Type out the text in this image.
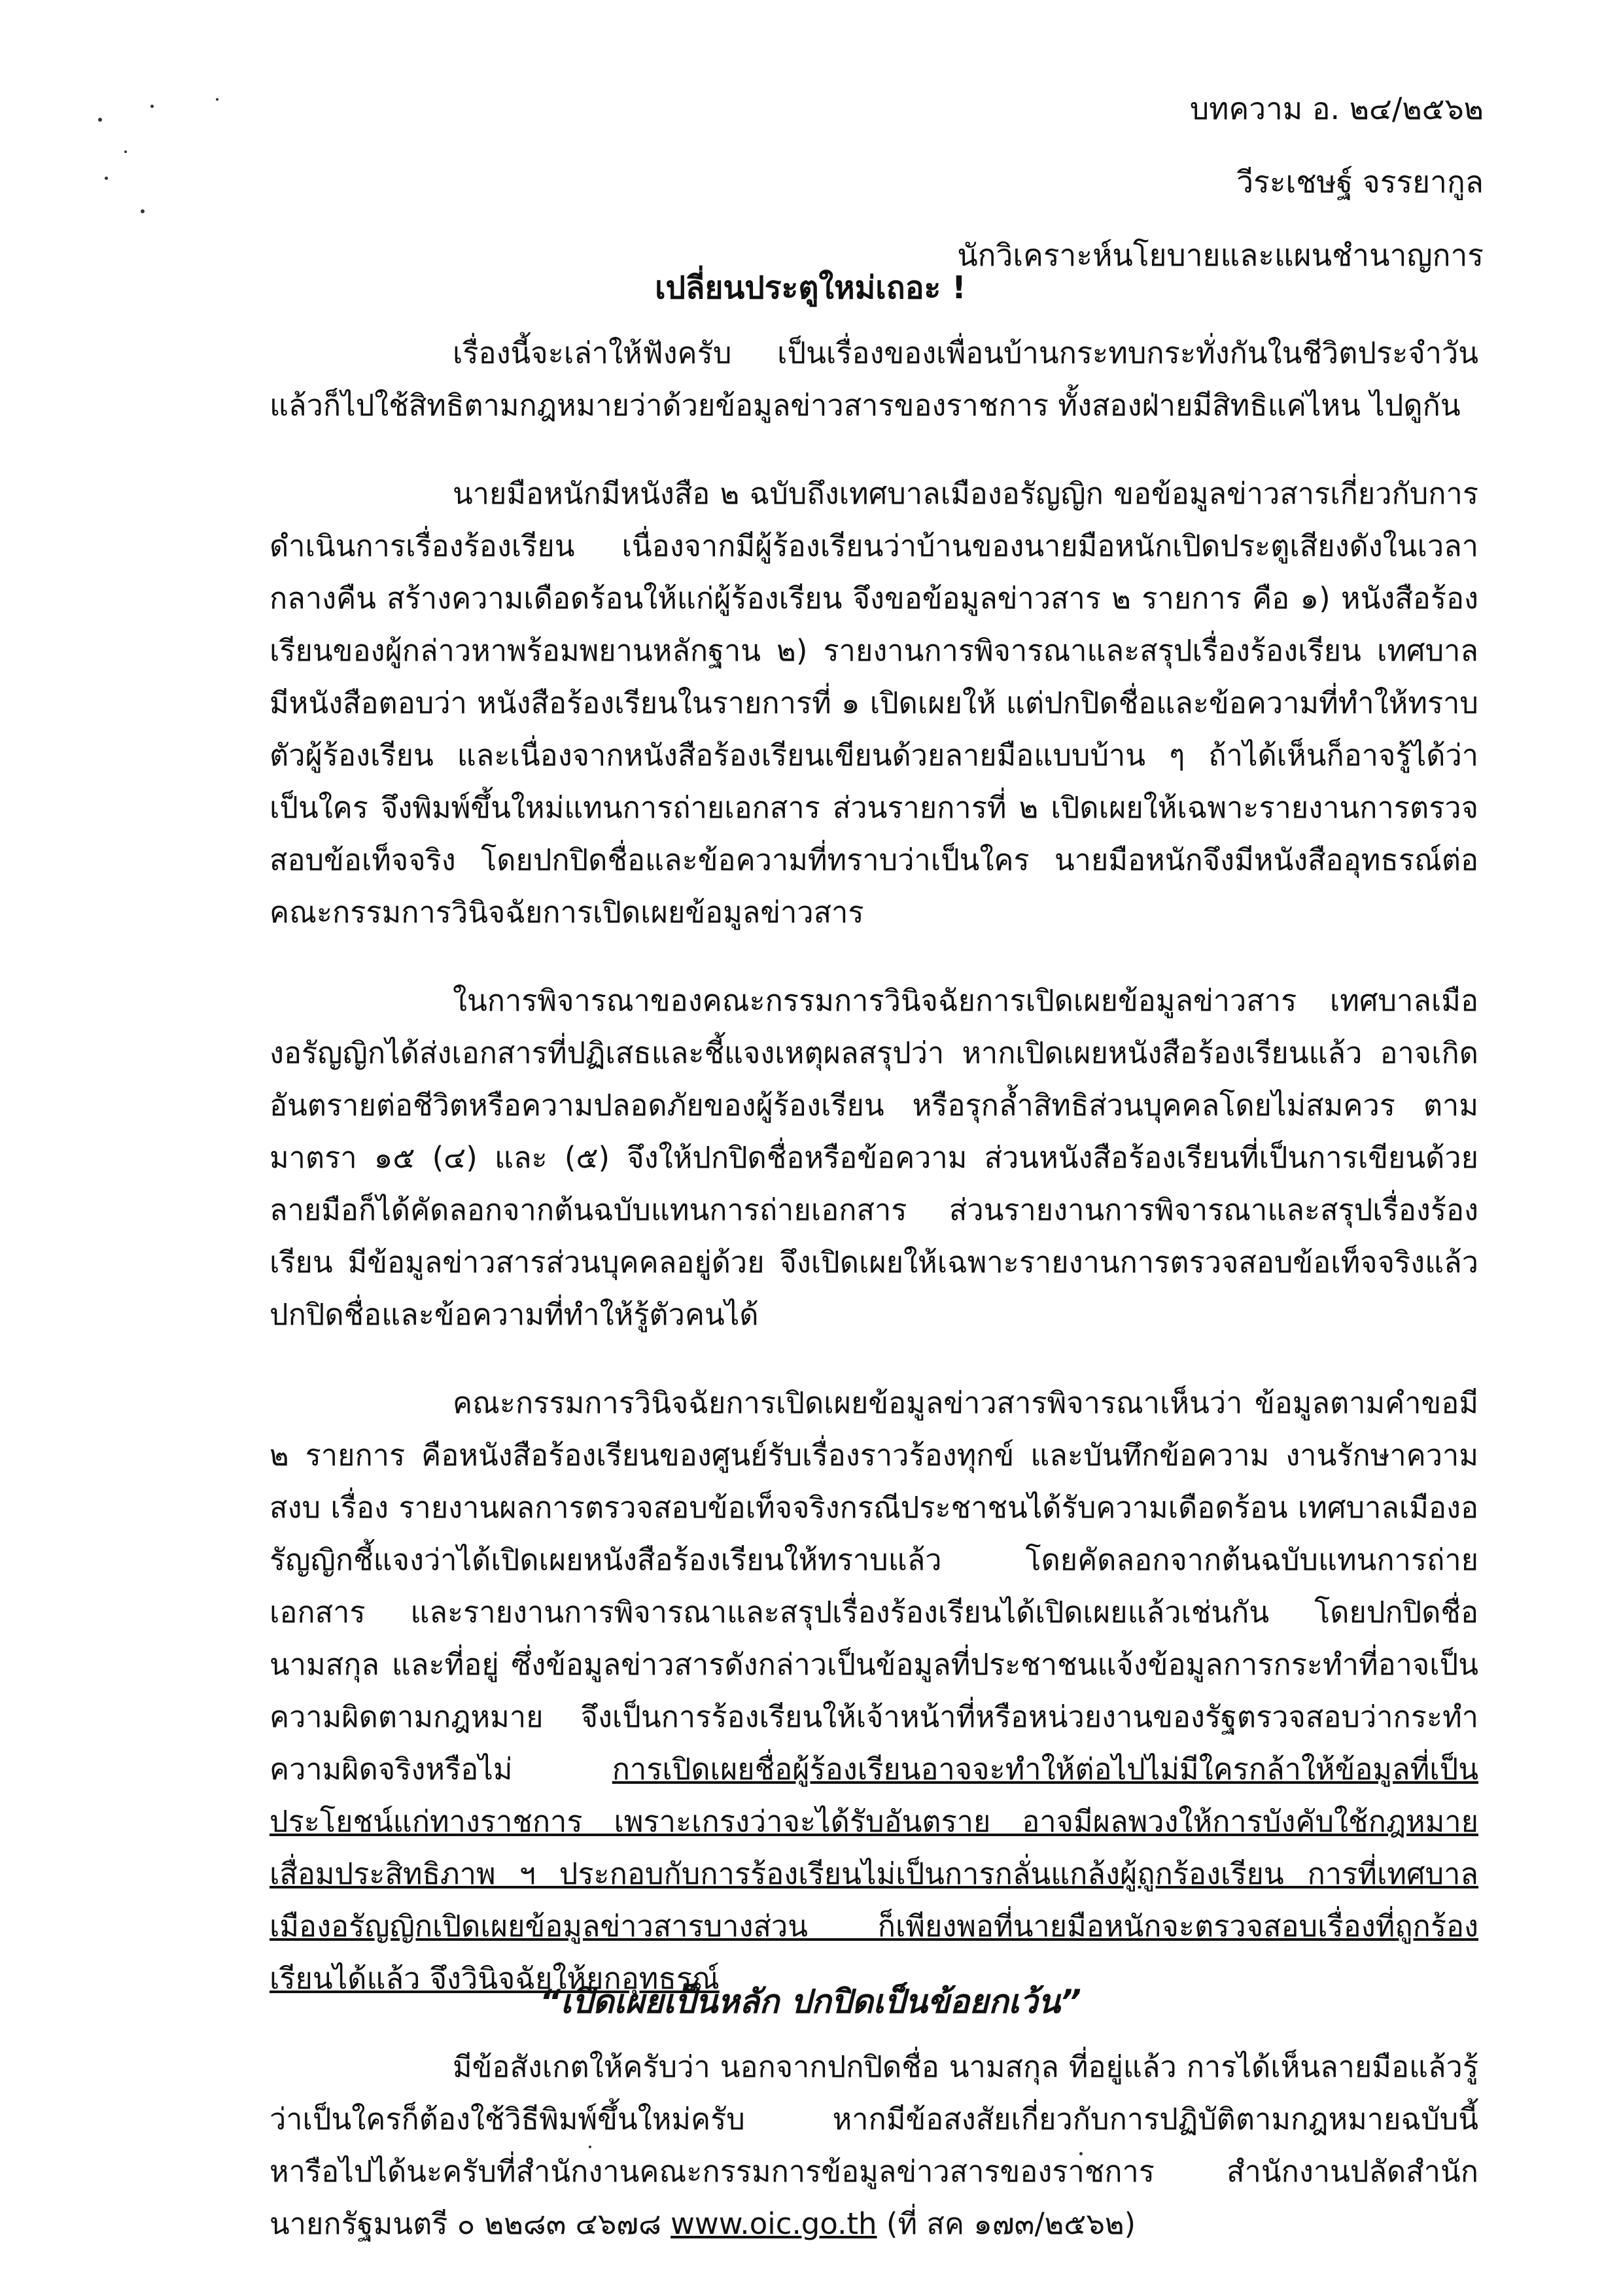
บทความ อ. ๒๔/๒๕๖๒
วีระเชษฐ์ จรรยากูล
นักวิเคราะห์นโยบายและแผนชำนาญการ
เปลี่ยนประตูใหม่เถอะ !

เรื่องนี้จะเล่าให้ฟังครับ เป็นเรื่องของเพื่อนบ้านกระทบกระทั่งกันในชีวิตประจำวัน แล้วก็ไปใช้สิทธิตามกฎหมายว่าด้วยข้อมูลข่าวสารของราชการ ทั้งสองฝ่ายมีสิทธิแค่ไหน ไปดูกัน

นายมือหนักมีหนังสือ ๒ ฉบับถึงเทศบาลเมืองอรัญญิก ขอข้อมูลข่าวสารเกี่ยวกับการดำเนินการเรื่องร้องเรียน เนื่องจากมีผู้ร้องเรียนว่าบ้านของนายมือหนักเปิดประตูเสียงดังในเวลากลางคืน สร้างความเดือดร้อนให้แก่ผู้ร้องเรียน จึงขอข้อมูลข่าวสาร ๒ รายการ คือ ๑) หนังสือร้องเรียนของผู้กล่าวหาพร้อมพยานหลักฐาน ๒) รายงานการพิจารณาและสรุปเรื่องร้องเรียน เทศบาลมีหนังสือตอบว่า หนังสือร้องเรียนในรายการที่ ๑ เปิดเผยให้ แต่ปกปิดชื่อและข้อความที่ทำให้ทราบตัวผู้ร้องเรียน และเนื่องจากหนังสือร้องเรียนเขียนด้วยลายมือแบบบ้าน ๆ ถ้าได้เห็นก็อาจรู้ได้ว่าเป็นใคร จึงพิมพ์ขึ้นใหม่แทนการถ่ายเอกสาร ส่วนรายการที่ ๒ เปิดเผยให้เฉพาะรายงานการตรวจสอบข้อเท็จจริง โดยปกปิดชื่อและข้อความที่ทราบว่าเป็นใคร นายมือหนักจึงมีหนังสืออุทธรณ์ต่อคณะกรรมการวินิจฉัยการเปิดเผยข้อมูลข่าวสาร

ในการพิจารณาของคณะกรรมการวินิจฉัยการเปิดเผยข้อมูลข่าวสาร เทศบาลเมืองอรัญญิกได้ส่งเอกสารที่ปฏิเสธและชี้แจงเหตุผลสรุปว่า หากเปิดเผยหนังสือร้องเรียนแล้ว อาจเกิดอันตรายต่อชีวิตหรือความปลอดภัยของผู้ร้องเรียน หรือรุกล้ำสิทธิส่วนบุคคลโดยไม่สมควร ตามมาตรา ๑๕ (๔) และ (๕) จึงให้ปกปิดชื่อหรือข้อความ ส่วนหนังสือร้องเรียนที่เป็นการเขียนด้วยลายมือก็ได้คัดลอกจากต้นฉบับแทนการถ่ายเอกสาร ส่วนรายงานการพิจารณาและสรุปเรื่องร้องเรียน มีข้อมูลข่าวสารส่วนบุคคลอยู่ด้วย จึงเปิดเผยให้เฉพาะรายงานการตรวจสอบข้อเท็จจริงแล้วปกปิดชื่อและข้อความที่ทำให้รู้ตัวคนได้

คณะกรรมการวินิจฉัยการเปิดเผยข้อมูลข่าวสารพิจารณาเห็นว่า ข้อมูลตามคำขอมี ๒ รายการ คือหนังสือร้องเรียนของศูนย์รับเรื่องราวร้องทุกข์ และบันทึกข้อความ งานรักษาความสงบ เรื่อง รายงานผลการตรวจสอบข้อเท็จจริงกรณีประชาชนได้รับความเดือดร้อน เทศบาลเมืองอรัญญิกชี้แจงว่าได้เปิดเผยหนังสือร้องเรียนให้ทราบแล้ว โดยคัดลอกจากต้นฉบับแทนการถ่ายเอกสาร และรายงานการพิจารณาและสรุปเรื่องร้องเรียนได้เปิดเผยแล้วเช่นกัน โดยปกปิดชื่อ นามสกุล และที่อยู่ ซึ่งข้อมูลข่าวสารดังกล่าวเป็นข้อมูลที่ประชาชนแจ้งข้อมูลการกระทำที่อาจเป็นความผิดตามกฎหมาย จึงเป็นการร้องเรียนให้เจ้าหน้าที่หรือหน่วยงานของรัฐตรวจสอบว่ากระทำความผิดจริงหรือไม่ การเปิดเผยชื่อผู้ร้องเรียนอาจจะทำให้ต่อไปไม่มีใครกล้าให้ข้อมูลที่เป็นประโยชน์แก่ทางราชการ เพราะเกรงว่าจะได้รับอันตราย อาจมีผลพวงให้การบังคับใช้กฎหมายเสื่อมประสิทธิภาพ ฯ ประกอบกับการร้องเรียนไม่เป็นการกลั่นแกล้งผู้ถูกร้องเรียน การที่เทศบาลเมืองอรัญญิกเปิดเผยข้อมูลข่าวสารบางส่วน ก็เพียงพอที่นายมือหนักจะตรวจสอบเรื่องที่ถูกร้องเรียนได้แล้ว จึงวินิจฉัยให้ยกอุทธรณ์

มีข้อสังเกตให้ครับว่า นอกจากปกปิดชื่อ นามสกุล ที่อยู่แล้ว การได้เห็นลายมือแล้วรู้ว่าเป็นใครก็ต้องใช้วิธีพิมพ์ขึ้นใหม่ครับ หากมีข้อสงสัยเกี่ยวกับการปฏิบัติตามกฎหมายฉบับนี้ หารือไปได้นะครับที่สำนักงานคณะกรรมการข้อมูลข่าวสารของราชการ สำนักงานปลัดสำนักนายกรัฐมนตรี ๐ ๒๒๘๓ ๔๖๗๘ www.oic.go.th (ที่ สค ๑๗๓/๒๕๖๒)

“เปิดเผยเป็นหลัก ปกปิดเป็นข้อยกเว้น”
